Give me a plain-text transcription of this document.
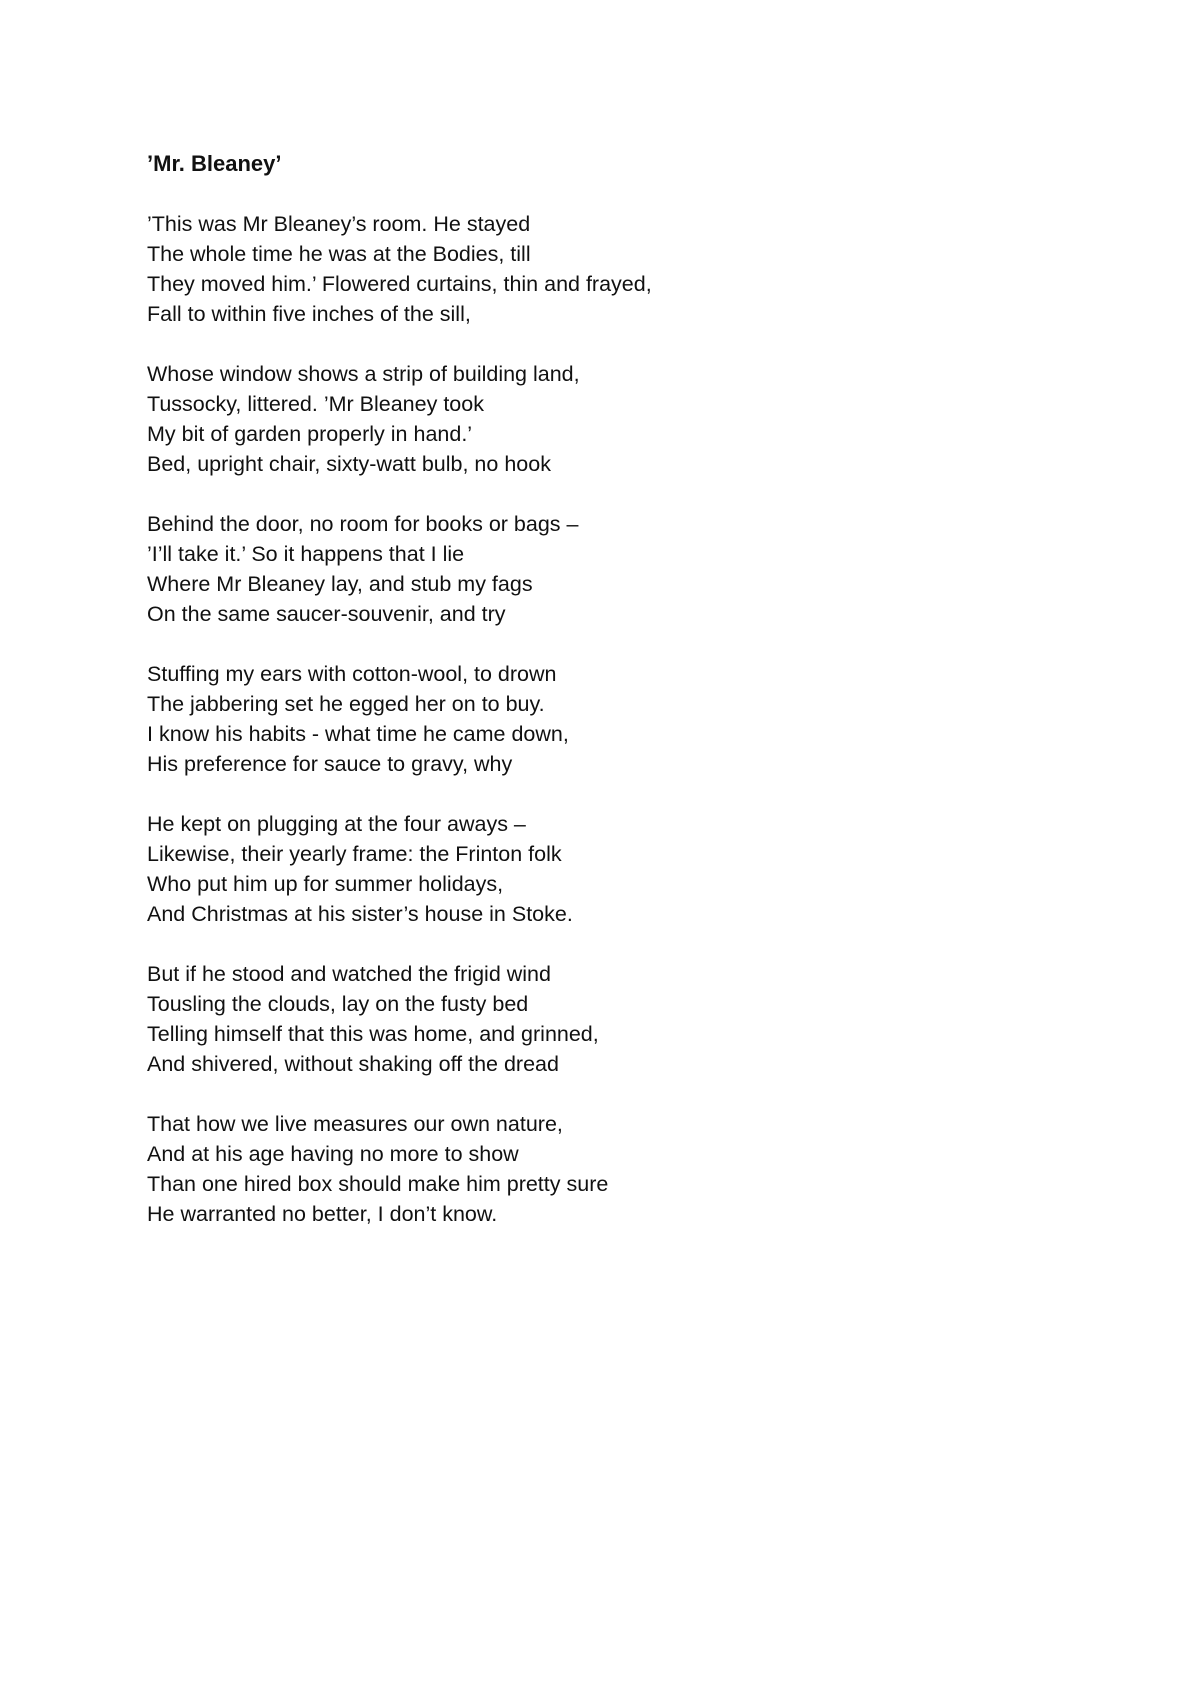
’Mr. Bleaney’
’This was Mr Bleaney’s room. He stayed
The whole time he was at the Bodies, till
They moved him.’ Flowered curtains, thin and frayed,
Fall to within five inches of the sill,
Whose window shows a strip of building land,
Tussocky, littered. ’Mr Bleaney took
My bit of garden properly in hand.’
Bed, upright chair, sixty-watt bulb, no hook
Behind the door, no room for books or bags –
’I’ll take it.’ So it happens that I lie
Where Mr Bleaney lay, and stub my fags
On the same saucer-souvenir, and try
Stuffing my ears with cotton-wool, to drown
The jabbering set he egged her on to buy.
I know his habits - what time he came down,
His preference for sauce to gravy, why
He kept on plugging at the four aways –
Likewise, their yearly frame: the Frinton folk
Who put him up for summer holidays,
And Christmas at his sister’s house in Stoke.
But if he stood and watched the frigid wind
Tousling the clouds, lay on the fusty bed
Telling himself that this was home, and grinned,
And shivered, without shaking off the dread
That how we live measures our own nature,
And at his age having no more to show
Than one hired box should make him pretty sure
He warranted no better, I don’t know.
